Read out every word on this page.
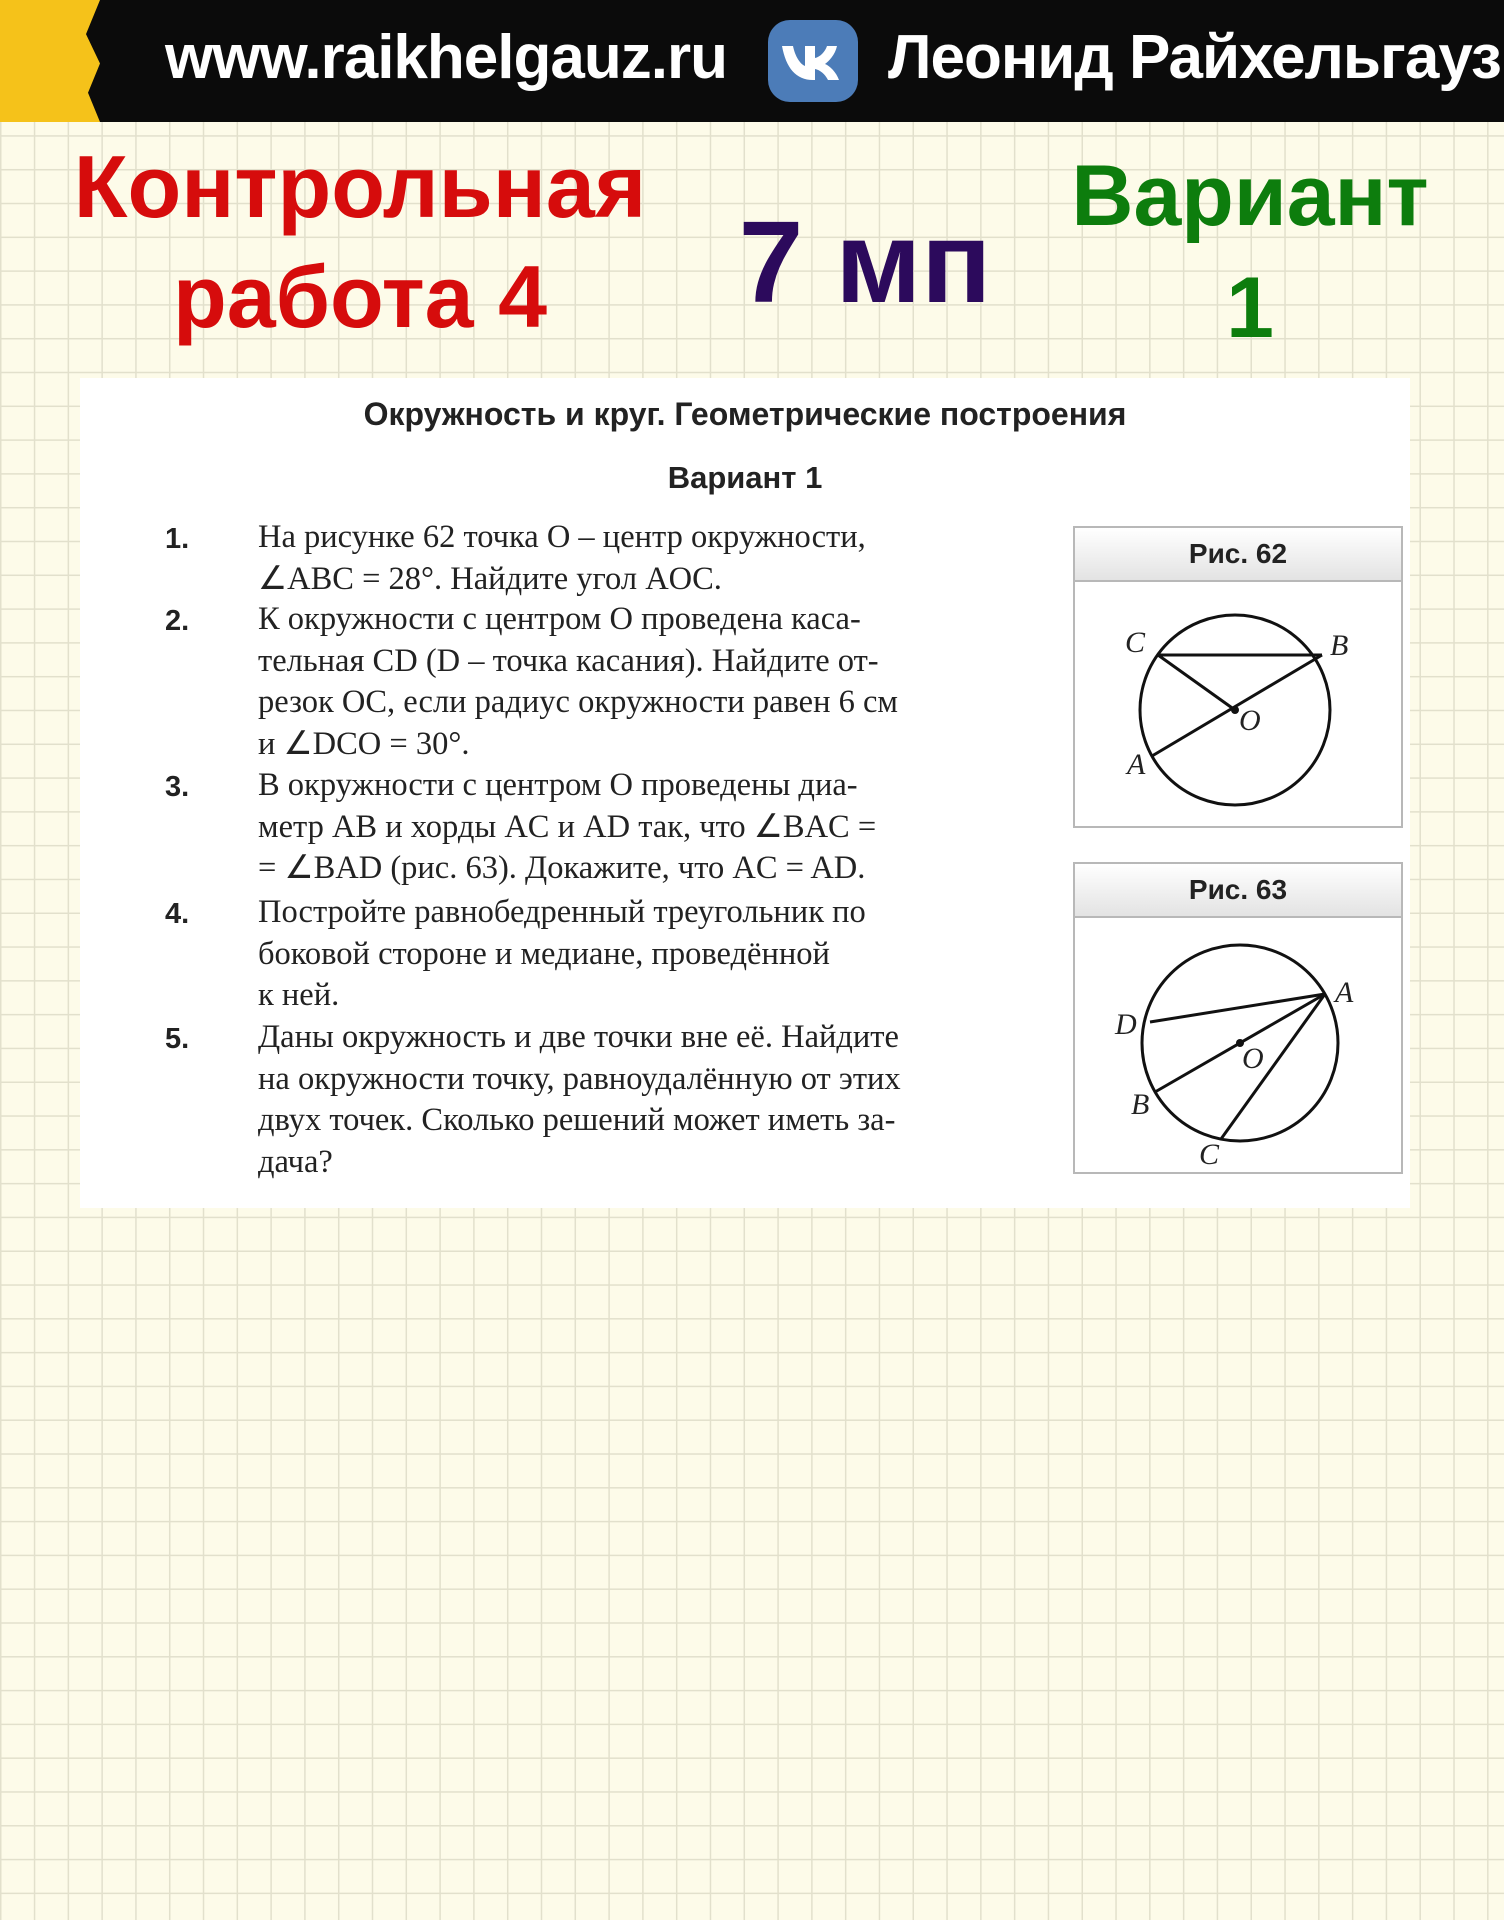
www.raikhelgauz.ru	Леонид Райхельгауз
Контрольная
работа 4	7 мп
Вариант
1
Окружность и круг. Геометрические построения
Вариант 1
1. На рисунке 62 точка O – центр окружности,
∠ABC = 28°. Найдите угол AOC.
2. К окружности с центром O проведена каса-
тельная CD (D – точка касания). Найдите от-
резок OC, если радиус окружности равен 6 см
и ∠DCO = 30°.
3. В окружности с центром O проведены диа-
метр AB и хорды AC и AD так, что ∠BAC =
= ∠BAD (рис. 63). Докажите, что AC = AD.
4. Постройте равнобедренный треугольник по
боковой стороне и медиане, проведённой
к ней.
5. Даны окружность и две точки вне её. Найдите
на окружности точку, равноудалённую от этих
двух точек. Сколько решений может иметь за-
дача?
Рис. 62
C	B
O
A
Рис. 63
A
D
O
B
C
